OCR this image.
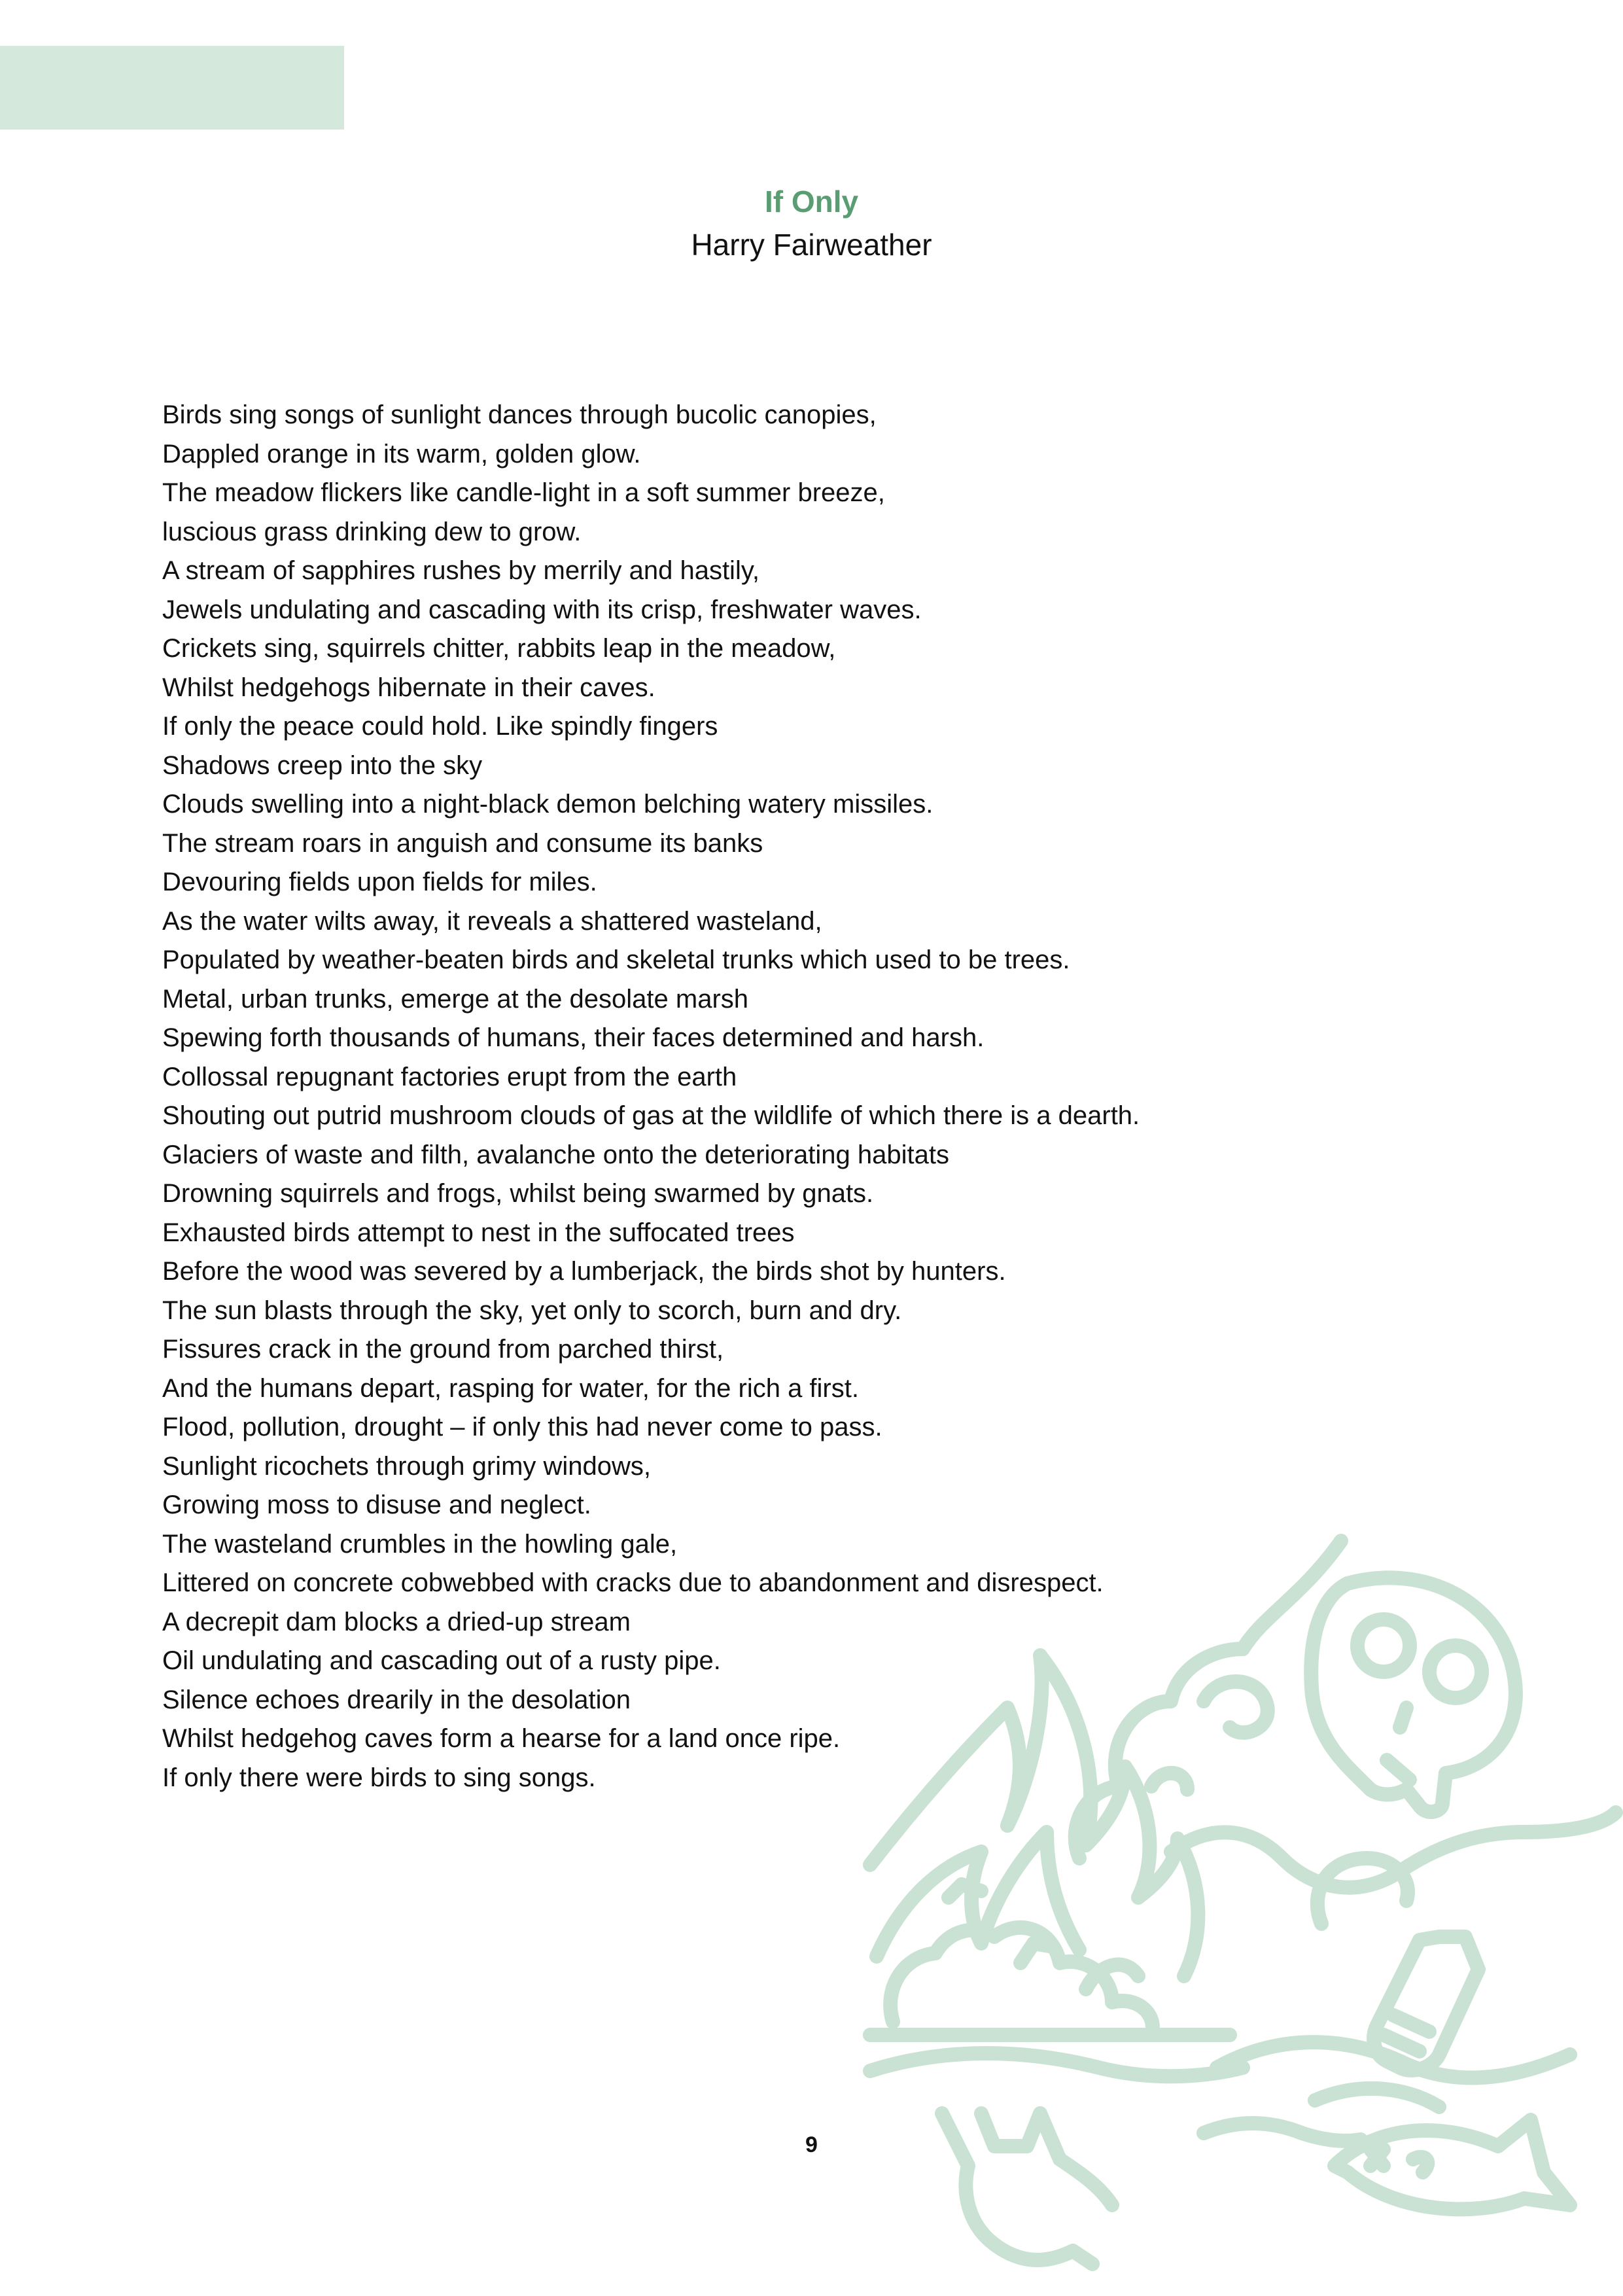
If Only
Harry Fairweather
Birds sing songs of sunlight dances through bucolic canopies,
Dappled orange in its warm, golden glow.
The meadow flickers like candle-light in a soft summer breeze,
luscious grass drinking dew to grow.
A stream of sapphires rushes by merrily and hastily,
Jewels undulating and cascading with its crisp, freshwater waves.
Crickets sing, squirrels chitter, rabbits leap in the meadow,
Whilst hedgehogs hibernate in their caves.
If only the peace could hold. Like spindly fingers
Shadows creep into the sky
Clouds swelling into a night-black demon belching watery missiles.
The stream roars in anguish and consume its banks
Devouring fields upon fields for miles.
As the water wilts away, it reveals a shattered wasteland,
Populated by weather-beaten birds and skeletal trunks which used to be trees.
Metal, urban trunks, emerge at the desolate marsh
Spewing forth thousands of humans, their faces determined and harsh.
Collossal repugnant factories erupt from the earth
Shouting out putrid mushroom clouds of gas at the wildlife of which there is a dearth.
Glaciers of waste and filth, avalanche onto the deteriorating habitats
Drowning squirrels and frogs, whilst being swarmed by gnats.
Exhausted birds attempt to nest in the suffocated trees
Before the wood was severed by a lumberjack, the birds shot by hunters.
The sun blasts through the sky, yet only to scorch, burn and dry.
Fissures crack in the ground from parched thirst,
And the humans depart, rasping for water, for the rich a first.
Flood, pollution, drought – if only this had never come to pass.
Sunlight ricochets through grimy windows,
Growing moss to disuse and neglect.
The wasteland crumbles in the howling gale,
Littered on concrete cobwebbed with cracks due to abandonment and disrespect.
A decrepit dam blocks a dried-up stream
Oil undulating and cascading out of a rusty pipe.
Silence echoes drearily in the desolation
Whilst hedgehog caves form a hearse for a land once ripe.
If only there were birds to sing songs.
9
